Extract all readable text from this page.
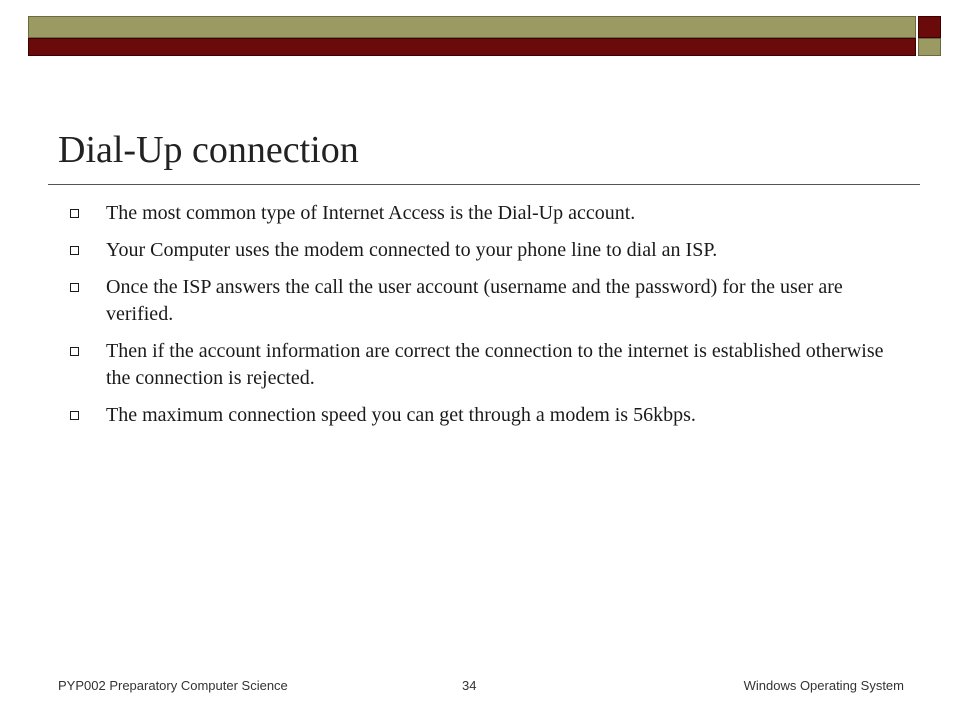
Dial-Up connection
The most common type of Internet Access is the Dial-Up account.
Your Computer uses the modem connected to your phone line to dial an ISP.
Once the ISP answers the call the user account (username and the password) for the user are verified.
Then if the account information are correct the connection to the internet is established otherwise the connection is rejected.
The maximum connection speed you can get through a modem is 56kbps.
PYP002 Preparatory Computer Science	34	Windows Operating System
